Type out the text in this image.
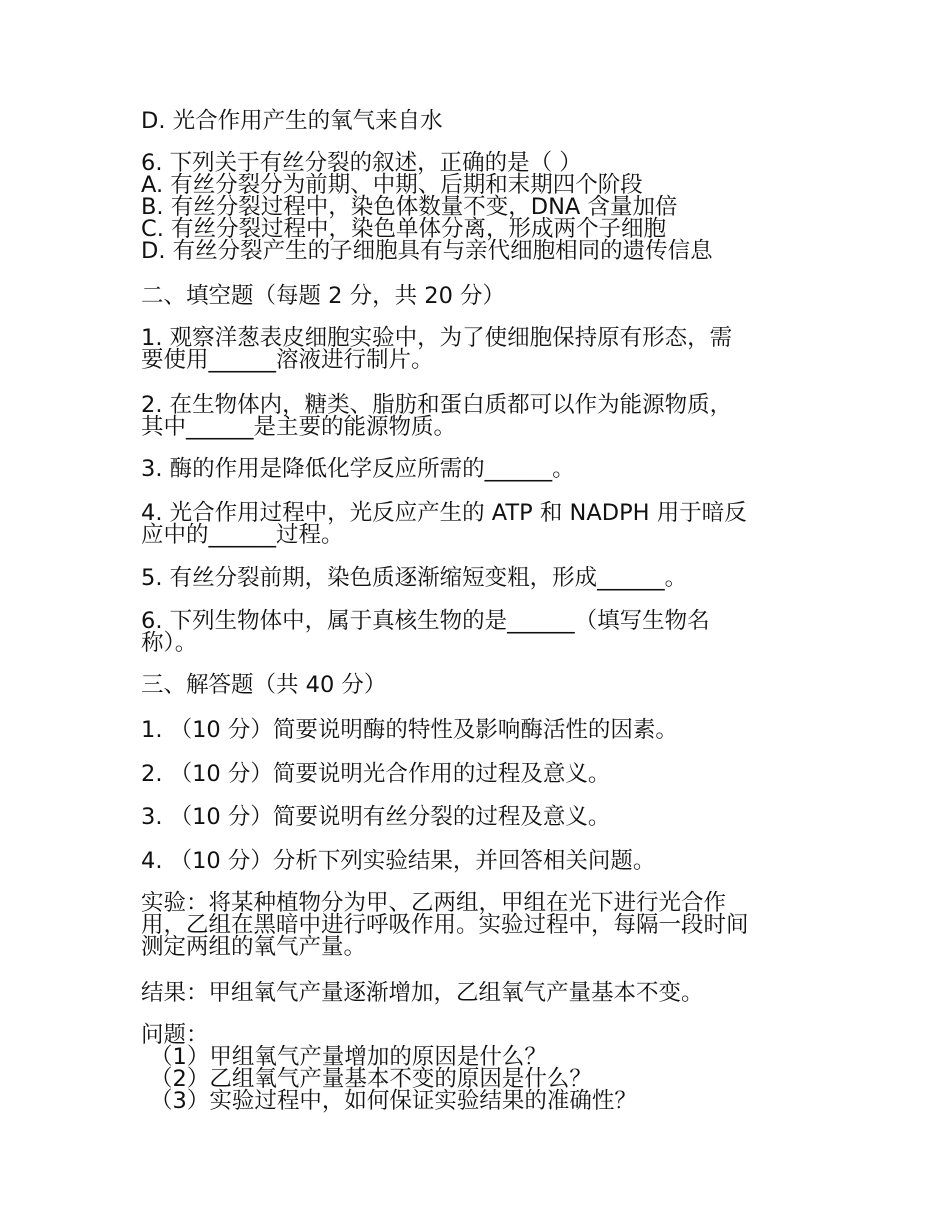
D. 光合作用产生的氧气来自水

6. 下列关于有丝分裂的叙述，正确的是（ ）

A. 有丝分裂分为前期、中期、后期和末期四个阶段

B. 有丝分裂过程中，染色体数量不变，DNA 含量加倍

C. 有丝分裂过程中，染色单体分离，形成两个子细胞

D. 有丝分裂产生的子细胞具有与亲代细胞相同的遗传信息

二、填空题（每题 2 分，共 20 分）

1. 观察洋葱表皮细胞实验中，为了使细胞保持原有形态，需

要使用______溶液进行制片。

2. 在生物体内，糖类、脂肪和蛋白质都可以作为能源物质，

其中______是主要的能源物质。

3. 酶的作用是降低化学反应所需的______。

4. 光合作用过程中，光反应产生的 ATP 和 NADPH 用于暗反

应中的______过程。

5. 有丝分裂前期，染色质逐渐缩短变粗，形成______。

6. 下列生物体中，属于真核生物的是______（填写生物名

称）。

三、解答题（共 40 分）

1. （10 分）简要说明酶的特性及影响酶活性的因素。

2. （10 分）简要说明光合作用的过程及意义。

3. （10 分）简要说明有丝分裂的过程及意义。

4. （10 分）分析下列实验结果，并回答相关问题。

实验：将某种植物分为甲、乙两组，甲组在光下进行光合作

用，乙组在黑暗中进行呼吸作用。实验过程中，每隔一段时间

测定两组的氧气产量。

结果：甲组氧气产量逐渐增加，乙组氧气产量基本不变。

问题：

（1）甲组氧气产量增加的原因是什么？

（2）乙组氧气产量基本不变的原因是什么？

（3）实验过程中，如何保证实验结果的准确性？
